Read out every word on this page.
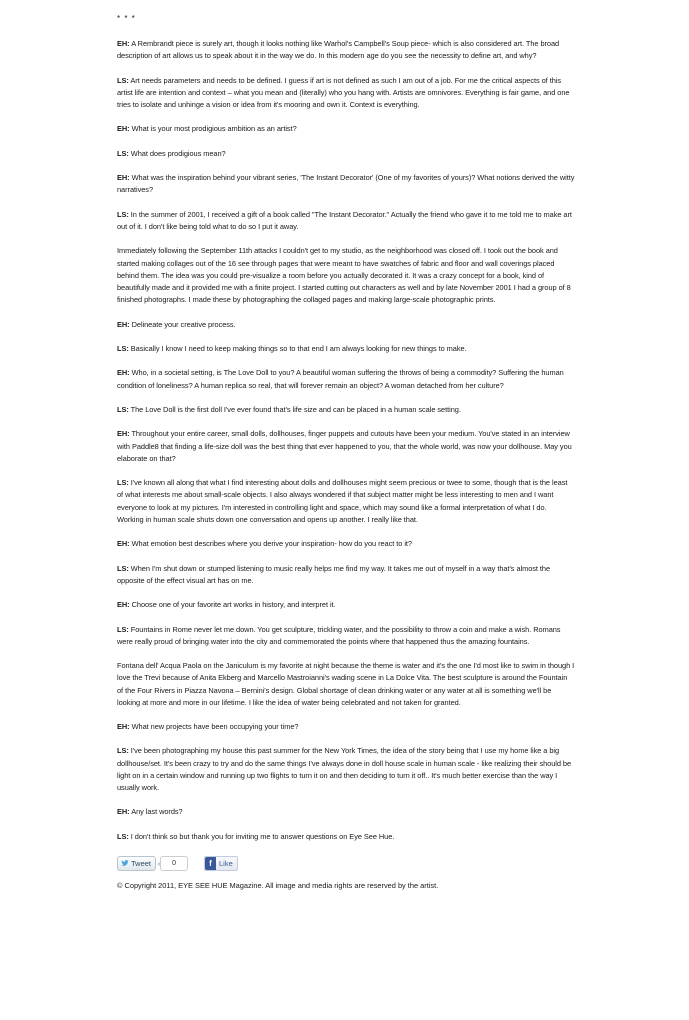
* * *

EH: A Rembrandt piece is surely art, though it looks nothing like Warhol's Campbell's Soup piece- which is also considered art. The broad description of art allows us to speak about it in the way we do. In this modern age do you see the necessity to define art, and why?

LS: Art needs parameters and needs to be defined. I guess if art is not defined as such I am out of a job. For me the critical aspects of this artist life are intention and context – what you mean and (literally) who you hang with. Artists are omnivores. Everything is fair game, and one tries to isolate and unhinge a vision or idea from it's mooring and own it. Context is everything.

EH: What is your most prodigious ambition as an artist?

LS: What does prodigious mean?

EH: What was the inspiration behind your vibrant series, 'The Instant Decorator' (One of my favorites of yours)? What notions derived the witty narratives?

LS: In the summer of 2001, I received a gift of a book called "The Instant Decorator." Actually the friend who gave it to me told me to make art out of it. I don't like being told what to do so I put it away.

Immediately following the September 11th attacks I couldn't get to my studio, as the neighborhood was closed off. I took out the book and started making collages out of the 16 see through pages that were meant to have swatches of fabric and floor and wall coverings placed behind them. The idea was you could pre-visualize a room before you actually decorated it. It was a crazy concept for a book, kind of beautifully made and it provided me with a finite project. I started cutting out characters as well and by late November 2001 I had a group of 8 finished photographs. I made these by photographing the collaged pages and making large-scale photographic prints.

EH: Delineate your creative process.

LS: Basically I know I need to keep making things so to that end I am always looking for new things to make.

EH: Who, in a societal setting, is The Love Doll to you? A beautiful woman suffering the throws of being a commodity? Suffering the human condition of loneliness? A human replica so real, that will forever remain an object? A woman detached from her culture?

LS: The Love Doll is the first doll I've ever found that's life size and can be placed in a human scale setting.

EH: Throughout your entire career, small dolls, dollhouses, finger puppets and cutouts have been your medium. You've stated in an interview with Paddle8 that finding a life-size doll was the best thing that ever happened to you, that the whole world, was now your dollhouse. May you elaborate on that?

LS: I've known all along that what I find interesting about dolls and dollhouses might seem precious or twee to some, though that is the least of what interests me about small-scale objects. I also always wondered if that subject matter might be less interesting to men and I want everyone to look at my pictures. I'm interested in controlling light and space, which may sound like a formal interpretation of what I do. Working in human scale shuts down one conversation and opens up another. I really like that.

EH: What emotion best describes where you derive your inspiration- how do you react to it?

LS: When I'm shut down or stumped listening to music really helps me find my way. It takes me out of myself in a way that's almost the opposite of the effect visual art has on me.

EH: Choose one of your favorite art works in history, and interpret it.

LS: Fountains in Rome never let me down. You get sculpture, trickling water, and the possibility to throw a coin and make a wish. Romans were really proud of bringing water into the city and commemorated the points where that happened thus the amazing fountains.

Fontana dell' Acqua Paola on the Janiculum is my favorite at night because the theme is water and it's the one I'd most like to swim in though I love the Trevi because of Anita Ekberg and Marcello Mastroianni's wading scene in La Dolce Vita. The best sculpture is around the Fountain of the Four Rivers in Piazza Navona – Bernini's design. Global shortage of clean drinking water or any water at all is something we'll be looking at more and more in our lifetime. I like the idea of water being celebrated and not taken for granted.

EH: What new projects have been occupying your time?

LS: I've been photographing my house this past summer for the New York Times, the idea of the story being that I use my home like a big dollhouse/set. It's been crazy to try and do the same things I've always done in doll house scale in human scale - like realizing their should be light on in a certain window and running up two flights to turn it on and then deciding to turn it off.. It's much better exercise than the way I usually work.

EH: Any last words?

LS: I don't think so but thank you for inviting me to answer questions on Eye See Hue.

Tweet	0	f Like
© Copyright 2011, EYE SEE HUE Magazine. All image and media rights are reserved by the artist.
